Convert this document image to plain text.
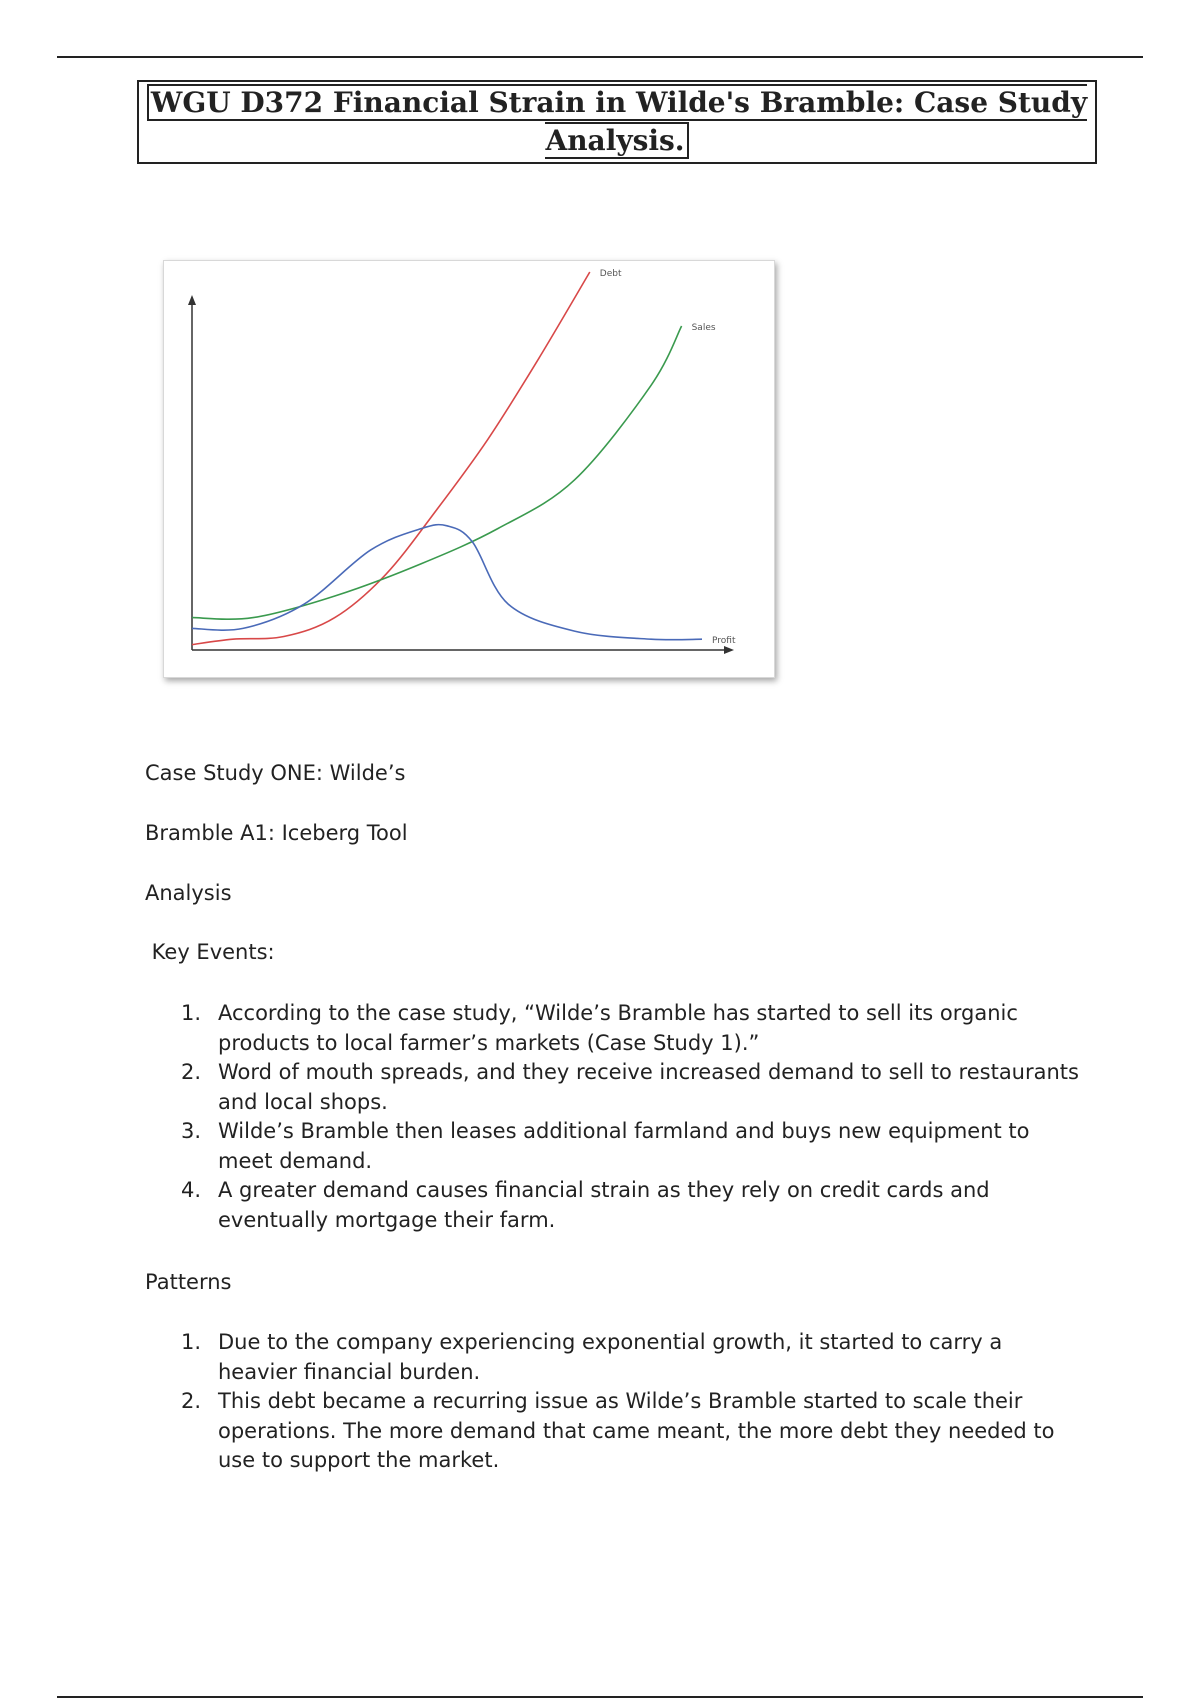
WGU D372 Financial Strain in Wilde's Bramble: Case Study Analysis.
Debt
Sales
Profit
Case Study ONE: Wilde’s
Bramble A1: Iceberg Tool
Analysis
Key Events:
1. According to the case study, “Wilde’s Bramble has started to sell its organic products to local farmer’s markets (Case Study 1).”
2. Word of mouth spreads, and they receive increased demand to sell to restaurants and local shops.
3. Wilde’s Bramble then leases additional farmland and buys new equipment to meet demand.
4. A greater demand causes financial strain as they rely on credit cards and eventually mortgage their farm.
Patterns
1. Due to the company experiencing exponential growth, it started to carry a heavier financial burden.
2. This debt became a recurring issue as Wilde’s Bramble started to scale their operations. The more demand that came meant, the more debt they needed to use to support the market.
